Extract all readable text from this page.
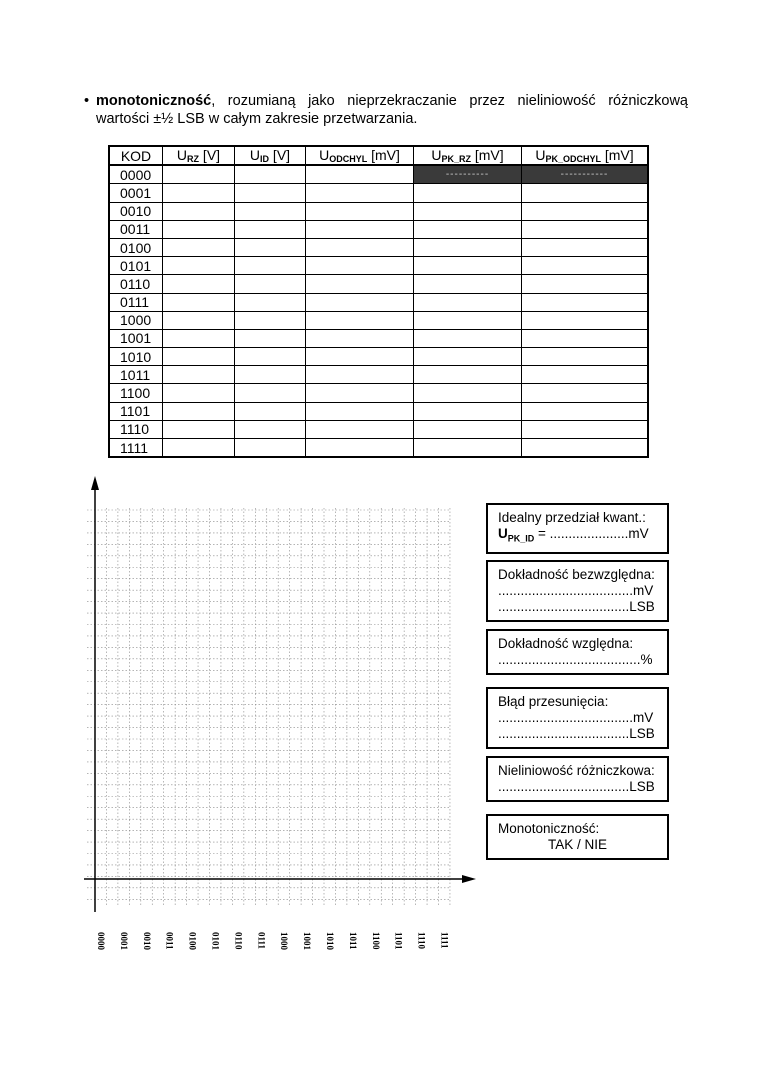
• monotoniczność , rozumianą jako nieprzekraczanie przez nieliniowość różniczkową
wartości ±½ LSB w całym zakresie przetwarzania.
KOD	$U_{RZ}$ [V]	$U_{ID}$ [V]	$U_{ODCHYL}$ [mV]	$U_{PK\_RZ}$ [mV]	$U_{PK\_ODCHYL}$ [mV]
0000				----------	-----------
0001					
0010					
0011					
0100					
0101					
0110					
0111					
1000					
1001					
1010					
1011					
1100					
1101					
1110					
1111					
0000 0001 0010 0011 0100 0101 0110 0111 1000 1001 1010 1011 1100 1101 1110 1111
Idealny przedział kwant.:
$U_{PK\_ID} = .....................mV$
Dokładność bezwzględna:
....................................mV
...................................LSB
Dokładność względna:
......................................%
Błąd przesunięcia:
....................................mV
...................................LSB
Nieliniowość różniczkowa:
...................................LSB
Monotoniczność:
TAK / NIE
